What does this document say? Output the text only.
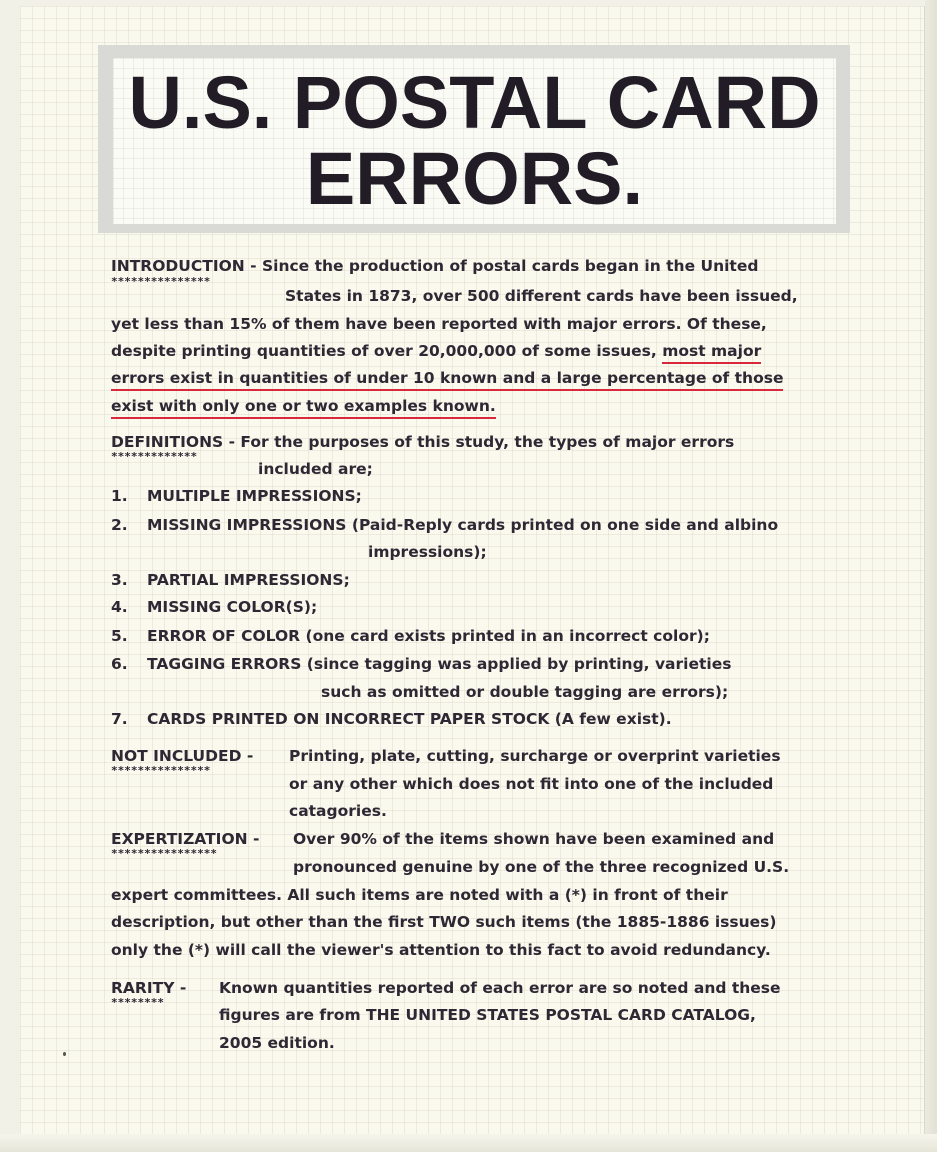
U.S. POSTAL CARD
ERRORS.
INTRODUCTION - Since the production of postal cards began in the United
***************
States in 1873, over 500 different cards have been issued,
yet less than 15% of them have been reported with major errors. Of these,
despite printing quantities of over 20,000,000 of some issues, most major
errors exist in quantities of under 10 known and a large percentage of those
exist with only one or two examples known.
DEFINITIONS - For the purposes of this study, the types of major errors
*************
included are;
1. MULTIPLE IMPRESSIONS;
2. MISSING IMPRESSIONS (Paid-Reply cards printed on one side and albino
impressions);
3. PARTIAL IMPRESSIONS;
4. MISSING COLOR(S);
5. ERROR OF COLOR (one card exists printed in an incorrect color);
6. TAGGING ERRORS (since tagging was applied by printing, varieties
such as omitted or double tagging are errors);
7. CARDS PRINTED ON INCORRECT PAPER STOCK (A few exist).
NOT INCLUDED -
***************
Printing, plate, cutting, surcharge or overprint varieties
or any other which does not fit into one of the included
catagories.
EXPERTIZATION -
****************
Over 90% of the items shown have been examined and
pronounced genuine by one of the three recognized U.S.
expert committees. All such items are noted with a (*) in front of their
description, but other than the first TWO such items (the 1885-1886 issues)
only the (*) will call the viewer's attention to this fact to avoid redundancy.
RARITY -
********
Known quantities reported of each error are so noted and these
figures are from THE UNITED STATES POSTAL CARD CATALOG,
2005 edition.
